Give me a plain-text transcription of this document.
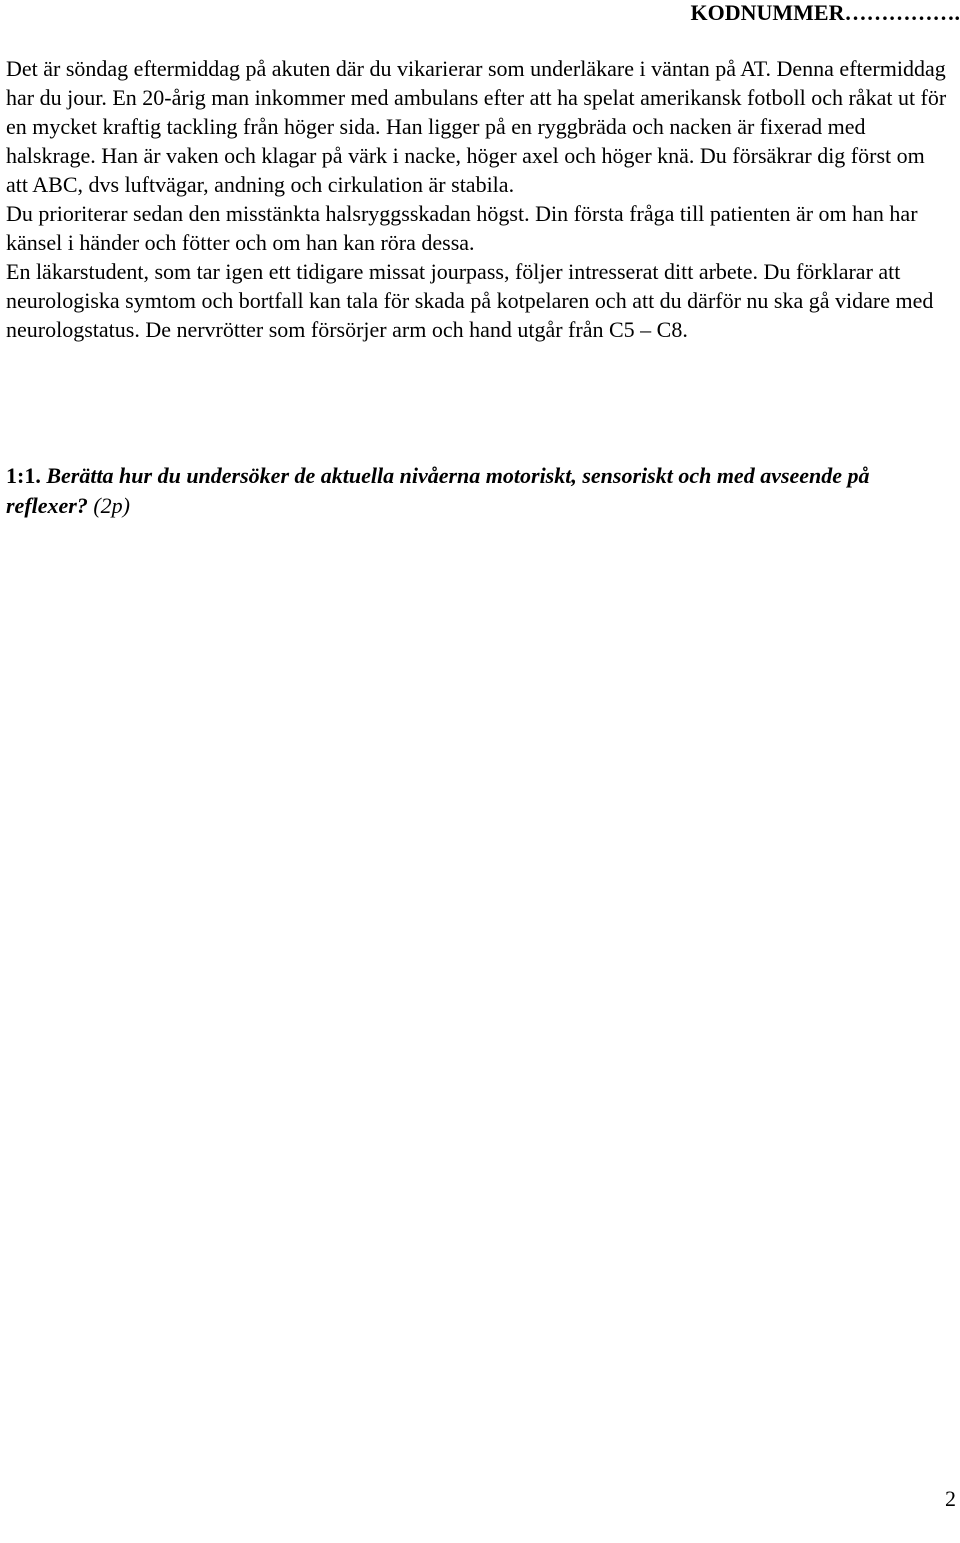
KODNUMMER…………….

Det är söndag eftermiddag på akuten där du vikarierar som underläkare i väntan på AT. Denna eftermiddag har du jour. En 20-årig man inkommer med ambulans efter att ha spelat amerikansk fotboll och råkat ut för en mycket kraftig tackling från höger sida. Han ligger på en ryggbräda och nacken är fixerad med halskrage. Han är vaken och klagar på värk i nacke, höger axel och höger knä. Du försäkrar dig först om att ABC, dvs luftvägar, andning och cirkulation är stabila.

Du prioriterar sedan den misstänkta halsryggsskadan högst. Din första fråga till patienten är om han har känsel i händer och fötter och om han kan röra dessa.

En läkarstudent, som tar igen ett tidigare missat jourpass, följer intresserat ditt arbete. Du förklarar att neurologiska symtom och bortfall kan tala för skada på kotpelaren och att du därför nu ska gå vidare med neurologstatus. De nervrötter som försörjer arm och hand utgår från C5 – C8.

1:1. Berätta hur du undersöker de aktuella nivåerna motoriskt, sensoriskt och med avseende på reflexer? (2p)
2
